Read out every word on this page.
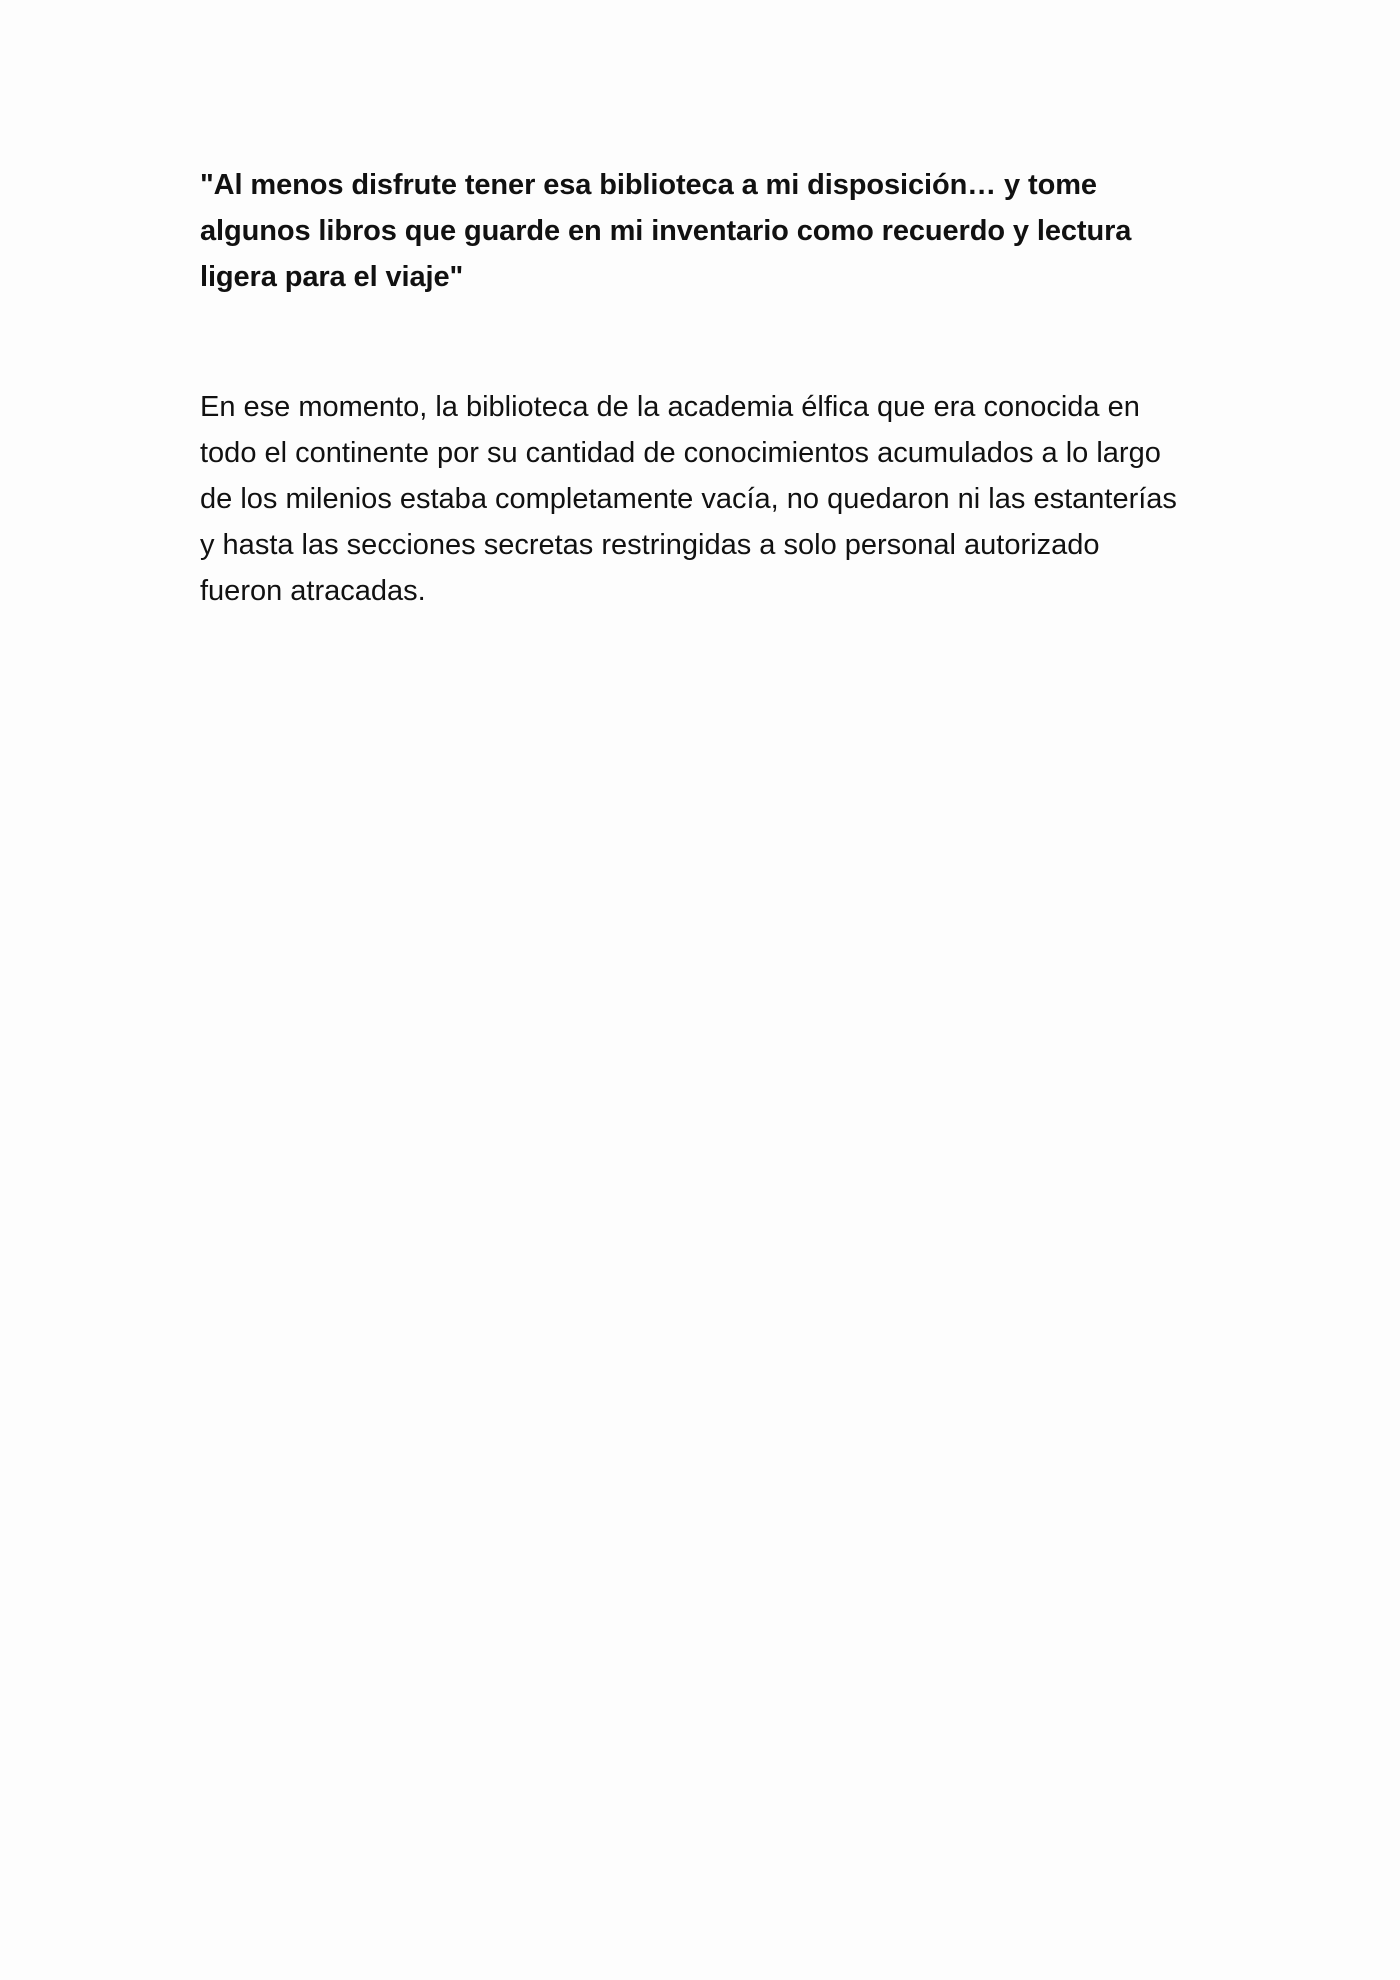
"Al menos disfrute tener esa biblioteca a mi disposición… y tome algunos libros que guarde en mi inventario como recuerdo y lectura ligera para el viaje"

En ese momento, la biblioteca de la academia élfica que era conocida en todo el continente por su cantidad de conocimientos acumulados a lo largo de los milenios estaba completamente vacía, no quedaron ni las estanterías y hasta las secciones secretas restringidas a solo personal autorizado fueron atracadas.
